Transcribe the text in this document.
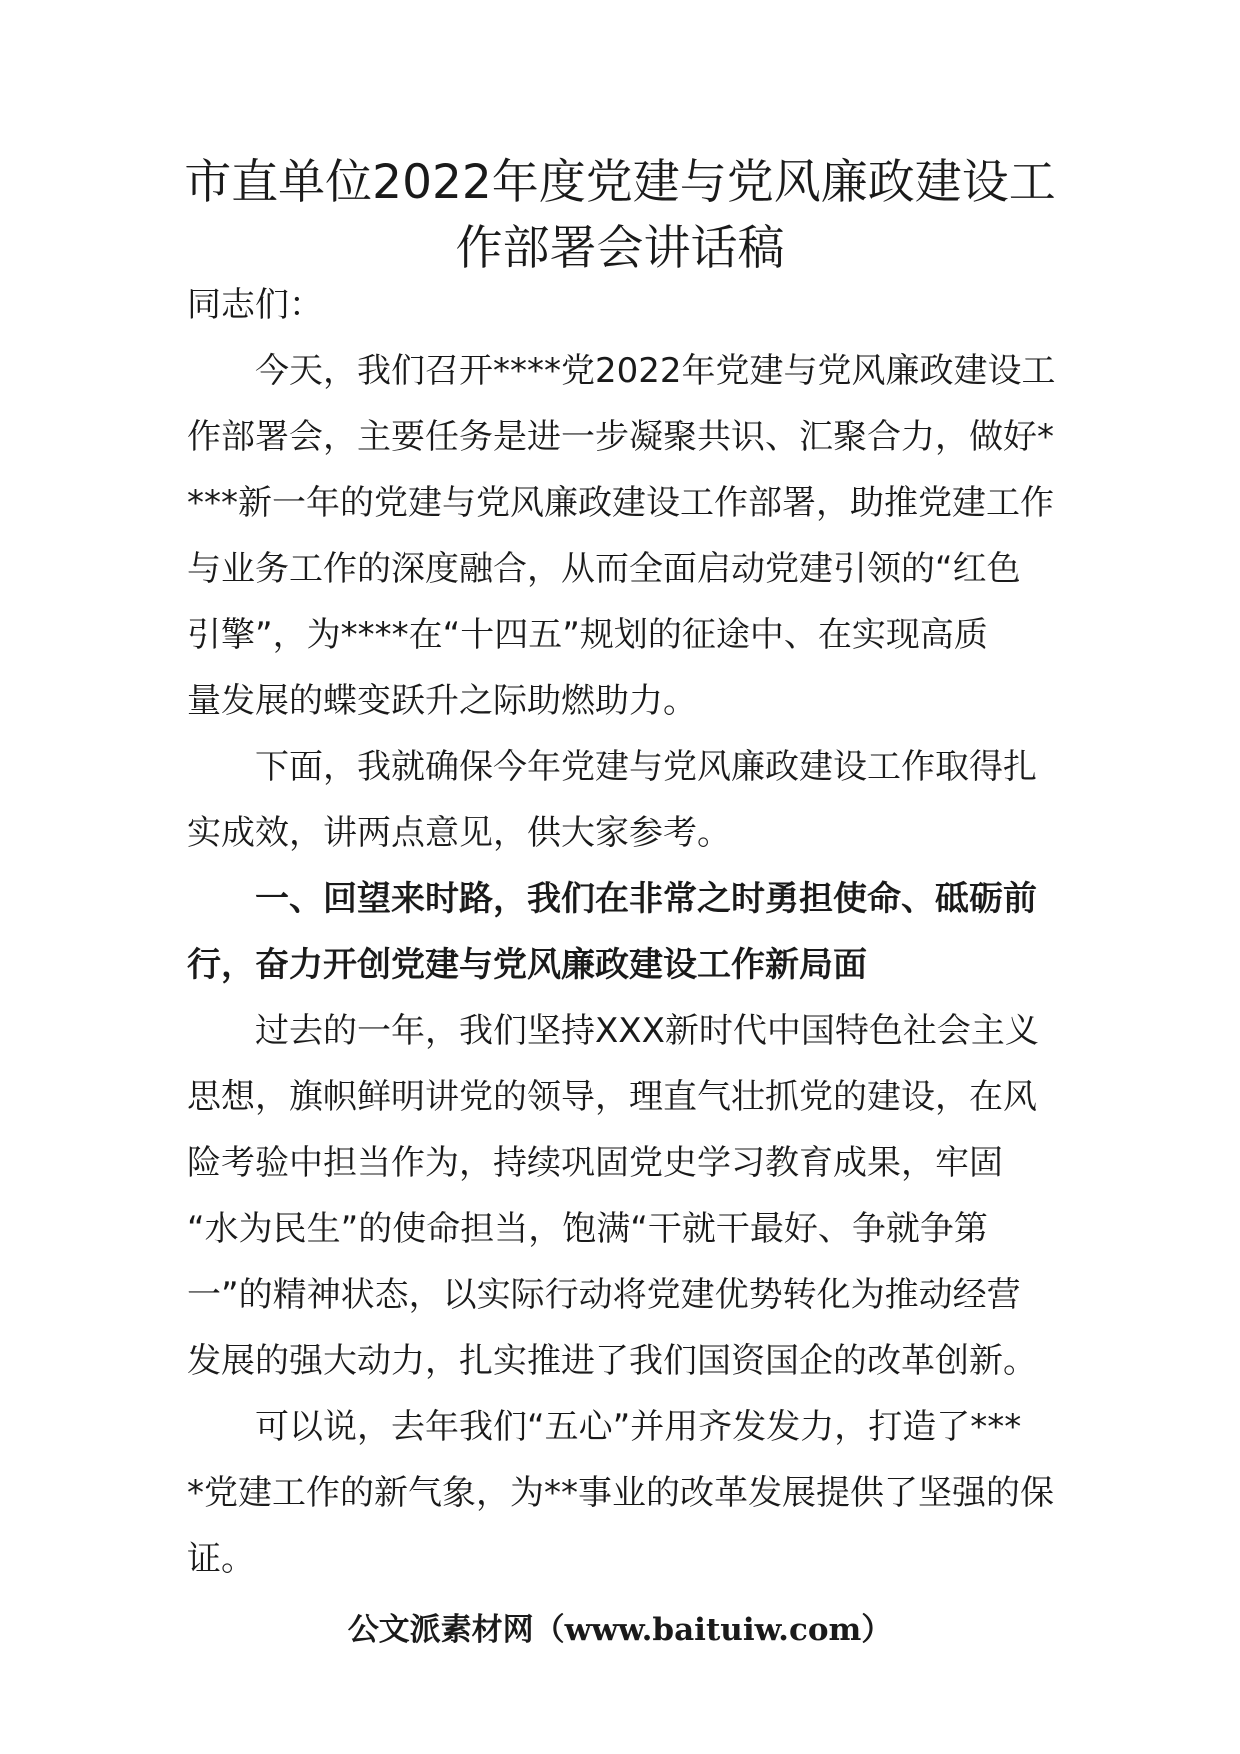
市直单位2022年度党建与党风廉政建设工
作部署会讲话稿

同志们：

今天，我们召开****党2022年党建与党风廉政建设工
作部署会，主要任务是进一步凝聚共识、汇聚合力，做好*
***新一年的党建与党风廉政建设工作部署，助推党建工作
与业务工作的深度融合，从而全面启动党建引领的“红色
引擎”，为****在“十四五”规划的征途中、在实现高质
量发展的蝶变跃升之际助燃助力。

下面，我就确保今年党建与党风廉政建设工作取得扎
实成效，讲两点意见，供大家参考。

一、回望来时路，我们在非常之时勇担使命、砥砺前
行，奋力开创党建与党风廉政建设工作新局面

过去的一年，我们坚持XXX新时代中国特色社会主义
思想，旗帜鲜明讲党的领导，理直气壮抓党的建设，在风
险考验中担当作为，持续巩固党史学习教育成果，牢固
“水为民生”的使命担当，饱满“干就干最好、争就争第
一”的精神状态，以实际行动将党建优势转化为推动经营
发展的强大动力，扎实推进了我们国资国企的改革创新。

可以说，去年我们“五心”并用齐发发力，打造了***
*党建工作的新气象，为**事业的改革发展提供了坚强的保
证。

公文派素材网（www.baituiw.com）
